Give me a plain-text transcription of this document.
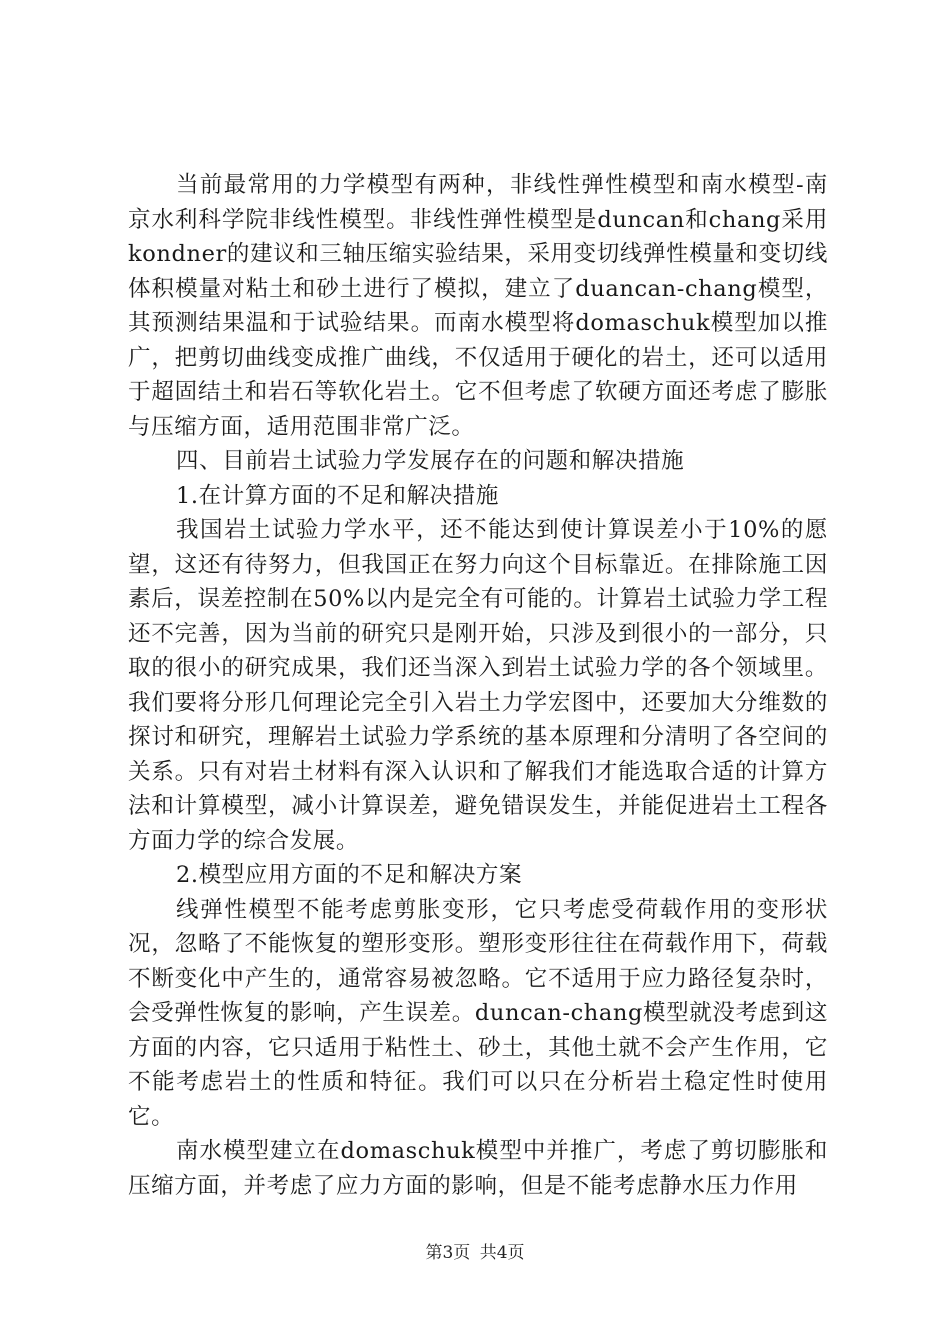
当前最常用的力学模型有两种，非线性弹性模型和南水模型-南京水利科学院非线性模型。非线性弹性模型是duncan和chang采用kondner的建议和三轴压缩实验结果，采用变切线弹性模量和变切线体积模量对粘土和砂土进行了模拟，建立了duancan-chang模型，其预测结果温和于试验结果。而南水模型将domaschuk模型加以推广，把剪切曲线变成推广曲线，不仅适用于硬化的岩土，还可以适用于超固结土和岩石等软化岩土。它不但考虑了软硬方面还考虑了膨胀与压缩方面，适用范围非常广泛。

四、目前岩土试验力学发展存在的问题和解决措施

1.在计算方面的不足和解决措施

我国岩土试验力学水平，还不能达到使计算误差小于10%的愿望，这还有待努力，但我国正在努力向这个目标靠近。在排除施工因素后，误差控制在50%以内是完全有可能的。计算岩土试验力学工程还不完善，因为当前的研究只是刚开始，只涉及到很小的一部分，只取的很小的研究成果，我们还当深入到岩土试验力学的各个领域里。我们要将分形几何理论完全引入岩土力学宏图中，还要加大分维数的探讨和研究，理解岩土试验力学系统的基本原理和分清明了各空间的关系。只有对岩土材料有深入认识和了解我们才能选取合适的计算方法和计算模型，减小计算误差，避免错误发生，并能促进岩土工程各方面力学的综合发展。

2.模型应用方面的不足和解决方案

线弹性模型不能考虑剪胀变形，它只考虑受荷载作用的变形状况，忽略了不能恢复的塑形变形。塑形变形往往在荷载作用下，荷载不断变化中产生的，通常容易被忽略。它不适用于应力路径复杂时，会受弹性恢复的影响，产生误差。duncan-chang模型就没考虑到这方面的内容，它只适用于粘性土、砂土，其他土就不会产生作用，它不能考虑岩土的性质和特征。我们可以只在分析岩土稳定性时使用它。

南水模型建立在domaschuk模型中并推广，考虑了剪切膨胀和压缩方面，并考虑了应力方面的影响，但是不能考虑静水压力作用

第3页 共4页
